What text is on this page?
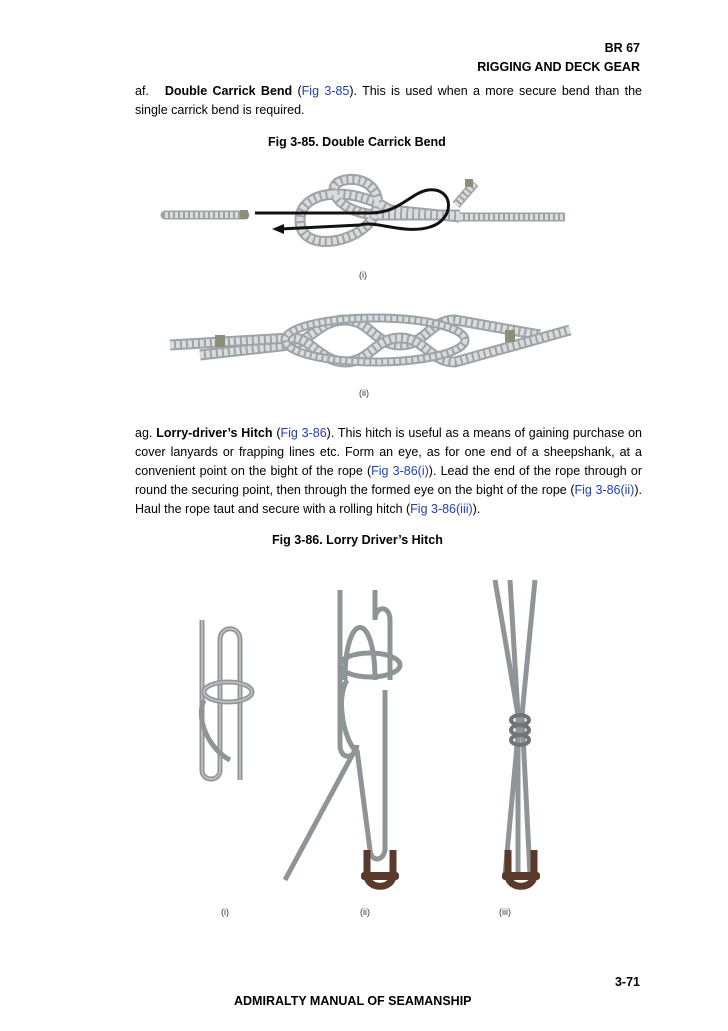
BR 67
RIGGING AND DECK GEAR
af. Double Carrick Bend (Fig 3-85). This is used when a more secure bend than the single carrick bend is required.
Fig 3-85. Double Carrick Bend
(i)
(ii)
ag. Lorry-driver’s Hitch (Fig 3-86). This hitch is useful as a means of gaining purchase on cover lanyards or frapping lines etc. Form an eye, as for one end of a sheepshank, at a convenient point on the bight of the rope (Fig 3-86(i)). Lead the end of the rope through or round the securing point, then through the formed eye on the bight of the rope (Fig 3-86(ii)). Haul the rope taut and secure with a rolling hitch (Fig 3-86(iii)).
Fig 3-86. Lorry Driver’s Hitch
(i)	(ii)	(iii)
3-71
ADMIRALTY MANUAL OF SEAMANSHIP
